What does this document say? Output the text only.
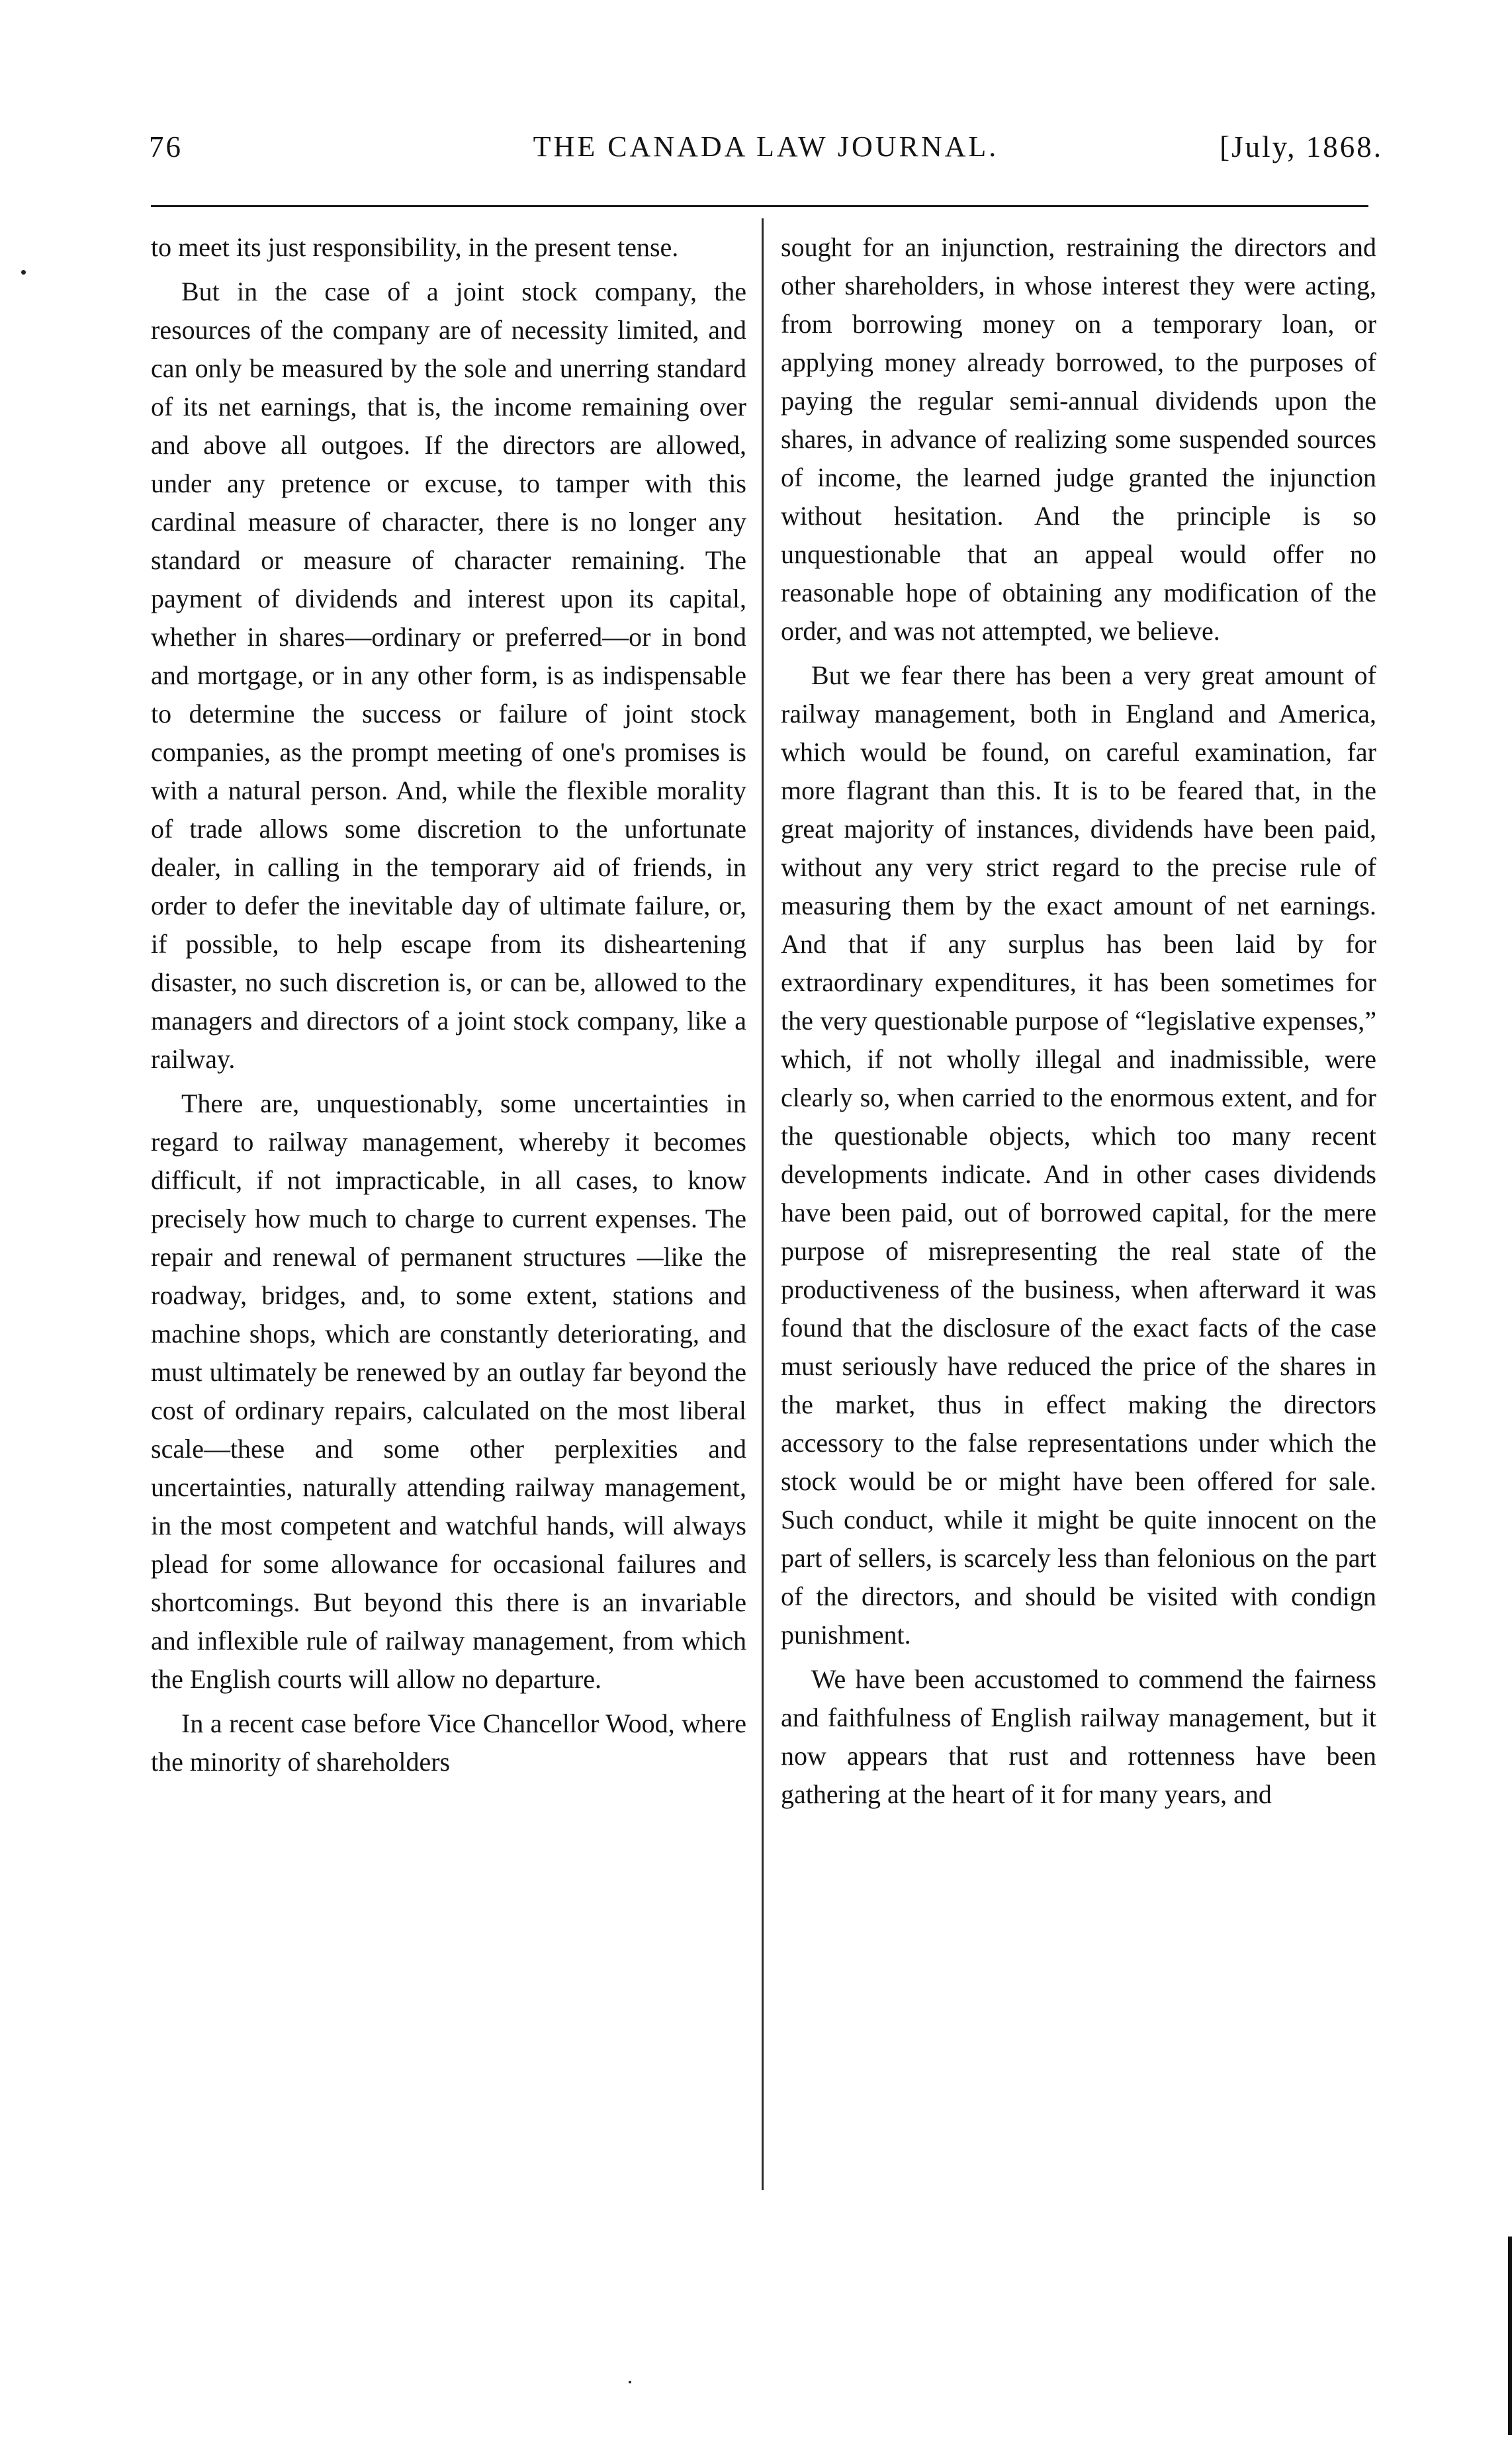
76	THE CANADA LAW JOURNAL.	[July, 1868.

to meet its just responsibility, in the present tense.

But in the case of a joint stock company, the resources of the company are of necessity limited, and can only be measured by the sole and unerring standard of its net earnings, that is, the income remaining over and above all outgoes. If the directors are allowed, under any pretence or excuse, to tamper with this cardinal measure of character, there is no longer any standard or measure of character remaining. The payment of dividends and interest upon its capital, whether in shares—ordinary or preferred—or in bond and mortgage, or in any other form, is as indispensable to determine the success or failure of joint stock companies, as the prompt meeting of one's promises is with a natural person. And, while the flexible morality of trade allows some discretion to the unfortunate dealer, in calling in the temporary aid of friends, in order to defer the inevitable day of ultimate failure, or, if possible, to help escape from its disheartening disaster, no such discretion is, or can be, allowed to the managers and directors of a joint stock company, like a railway.

There are, unquestionably, some uncertainties in regard to railway management, whereby it becomes difficult, if not impracticable, in all cases, to know precisely how much to charge to current expenses. The repair and renewal of permanent structures —like the roadway, bridges, and, to some extent, stations and machine shops, which are constantly deteriorating, and must ultimately be renewed by an outlay far beyond the cost of ordinary repairs, calculated on the most liberal scale—these and some other perplexities and uncertainties, naturally attending railway management, in the most competent and watchful hands, will always plead for some allowance for occasional failures and shortcomings. But beyond this there is an invariable and inflexible rule of railway management, from which the English courts will allow no departure.

In a recent case before Vice Chancellor Wood, where the minority of shareholders

sought for an injunction, restraining the directors and other shareholders, in whose interest they were acting, from borrowing money on a temporary loan, or applying money already borrowed, to the purposes of paying the regular semi-annual dividends upon the shares, in advance of realizing some suspended sources of income, the learned judge granted the injunction without hesitation. And the principle is so unquestionable that an appeal would offer no reasonable hope of obtaining any modification of the order, and was not attempted, we believe.

But we fear there has been a very great amount of railway management, both in England and America, which would be found, on careful examination, far more flagrant than this. It is to be feared that, in the great majority of instances, dividends have been paid, without any very strict regard to the precise rule of measuring them by the exact amount of net earnings. And that if any surplus has been laid by for extraordinary expenditures, it has been sometimes for the very questionable purpose of “legislative expenses,” which, if not wholly illegal and inadmissible, were clearly so, when carried to the enormous extent, and for the questionable objects, which too many recent developments indicate. And in other cases dividends have been paid, out of borrowed capital, for the mere purpose of misrepresenting the real state of the productiveness of the business, when afterward it was found that the disclosure of the exact facts of the case must seriously have reduced the price of the shares in the market, thus in effect making the directors accessory to the false representations under which the stock would be or might have been offered for sale. Such conduct, while it might be quite innocent on the part of sellers, is scarcely less than felonious on the part of the directors, and should be visited with condign punishment.

We have been accustomed to commend the fairness and faithfulness of English railway management, but it now appears that rust and rottenness have been gathering at the heart of it for many years, and
